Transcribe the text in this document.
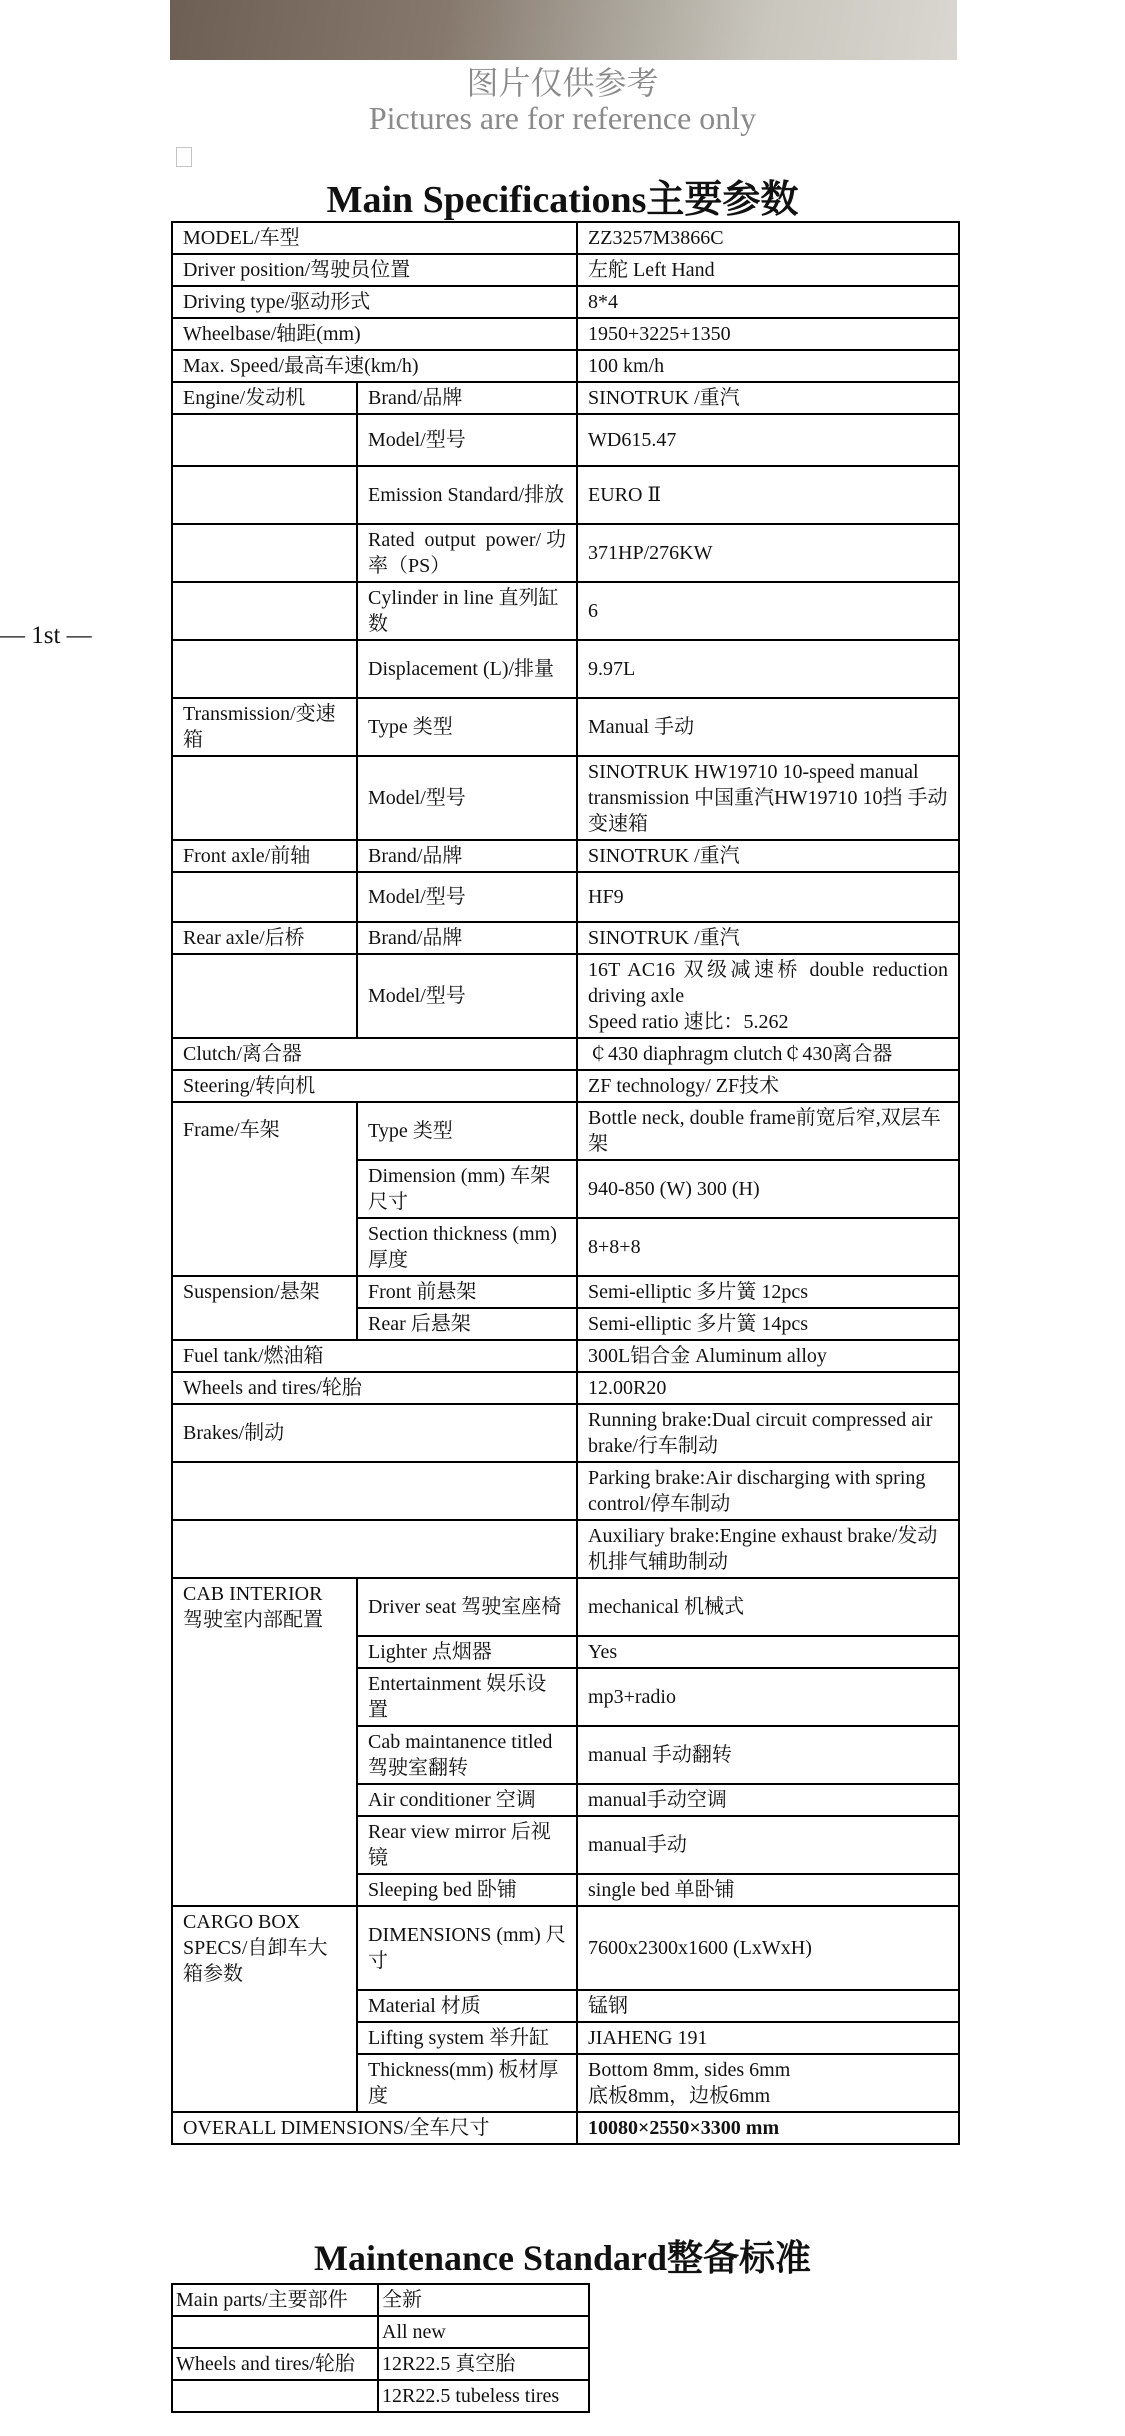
图片仅供参考
Pictures are for reference only
Main Specifications主要参数
— 1st —
MODEL/车型		ZZ3257M3866C
Driver position/驾驶员位置		左舵 Left Hand
Driving type/驱动形式		8*4
Wheelbase/轴距(mm)		1950+3225+1350
Max. Speed/最高车速(km/h)		100 km/h
Engine/发动机	Brand/品牌	SINOTRUK /重汽
	Model/型号	WD615.47
	Emission Standard/排放	EURO Ⅱ
	Rated output power/功率（PS）	371HP/276KW
	Cylinder in line 直列缸数	6
	Displacement (L)/排量	9.97L
Transmission/变速箱	Type 类型	Manual 手动
	Model/型号	SINOTRUK HW19710 10-speed manual transmission 中国重汽HW19710 10挡 手动变速箱
Front axle/前轴	Brand/品牌	SINOTRUK /重汽
	Model/型号	HF9
Rear axle/后桥	Brand/品牌	SINOTRUK /重汽
	Model/型号	16T AC16 双级减速桥 double reduction driving axle
Speed ratio 速比：5.262

Clutch/离合器		￠430 diaphragm clutch￠430离合器
Steering/转向机		ZF technology/ ZF技术
Frame/车架	Type 类型	Bottle neck, double frame前宽后窄,双层车架
	Dimension (mm) 车架尺寸	940-850 (W) 300 (H)
	Section thickness (mm) 厚度	8+8+8
Suspension/悬架	Front 前悬架	Semi-elliptic 多片簧 12pcs
	Rear 后悬架	Semi-elliptic 多片簧 14pcs
Fuel tank/燃油箱		300L铝合金 Aluminum alloy
Wheels and tires/轮胎		12.00R20
Brakes/制动		Running brake:Dual circuit compressed air brake/行车制动
		Parking brake:Air discharging with spring control/停车制动
		Auxiliary brake:Engine exhaust brake/发动机排气辅助制动
CAB INTERIOR 驾驶室内部配置	Driver seat 驾驶室座椅	mechanical 机械式
	Lighter 点烟器	Yes
	Entertainment 娱乐设置	mp3+radio
	Cab maintanence titled 驾驶室翻转	manual 手动翻转
	Air conditioner 空调	manual手动空调
	Rear view mirror 后视镜	manual手动
	Sleeping bed 卧铺	single bed 单卧铺
CARGO BOX SPECS/自卸车大箱参数	DIMENSIONS (mm) 尺寸	7600x2300x1600 (LxWxH)
	Material 材质	锰钢
	Lifting system 举升缸	JIAHENG 191
	Thickness(mm) 板材厚度	Bottom 8mm, sides 6mm
底板8mm，边板6mm

OVERALL DIMENSIONS/全车尺寸		10080×2550×3300 mm
Maintenance Standard整备标准
Main parts/主要部件	全新
	All new
Wheels and tires/轮胎	12R22.5 真空胎
	12R22.5 tubeless tires
